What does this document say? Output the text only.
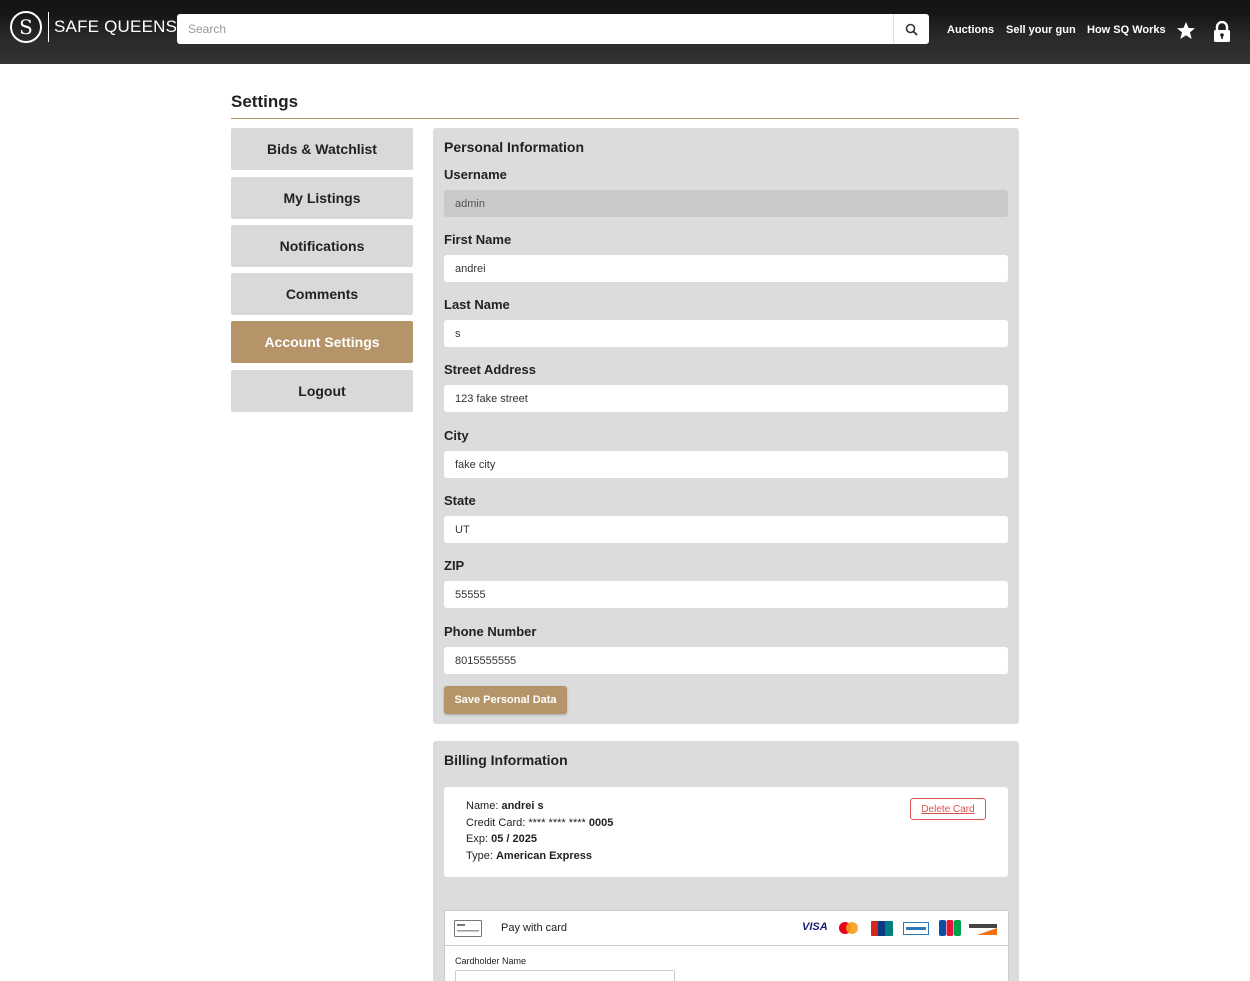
S	SAFE QUEENS
Search	Auctions Sell your gun How SQ Works
Settings
Bids & Watchlist
My Listings
Notifications
Comments
Account Settings
Logout
Personal Information
Username
admin
First Name
andrei
Last Name
s
Street Address
123 fake street
City
fake city
State
UT
ZIP
55555
Phone Number
8015555555
Save Personal Data
Billing Information
Name: andrei s
Credit Card: **** **** **** 0005
Exp: 05 / 2025
Type: American Express
Delete Card
Pay with card	VISA
Cardholder Name
